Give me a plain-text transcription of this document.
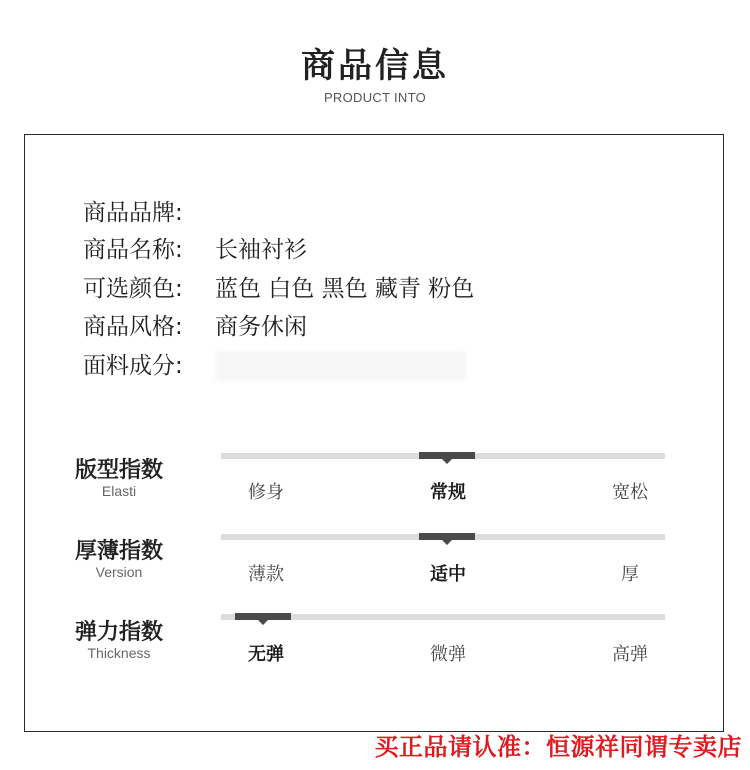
商品信息
PRODUCT INTO
商品品牌:
商品名称: 长袖衬衫
可选颜色: 蓝色 白色 黑色 藏青 粉色
商品风格: 商务休闲
面料成分:
版型指数
Elasti	修身	常规	宽松
厚薄指数
Version	薄款	适中	厚
弹力指数
Thickness	无弹	微弹	高弹
买正品请认准：恒源祥同谓专卖店
